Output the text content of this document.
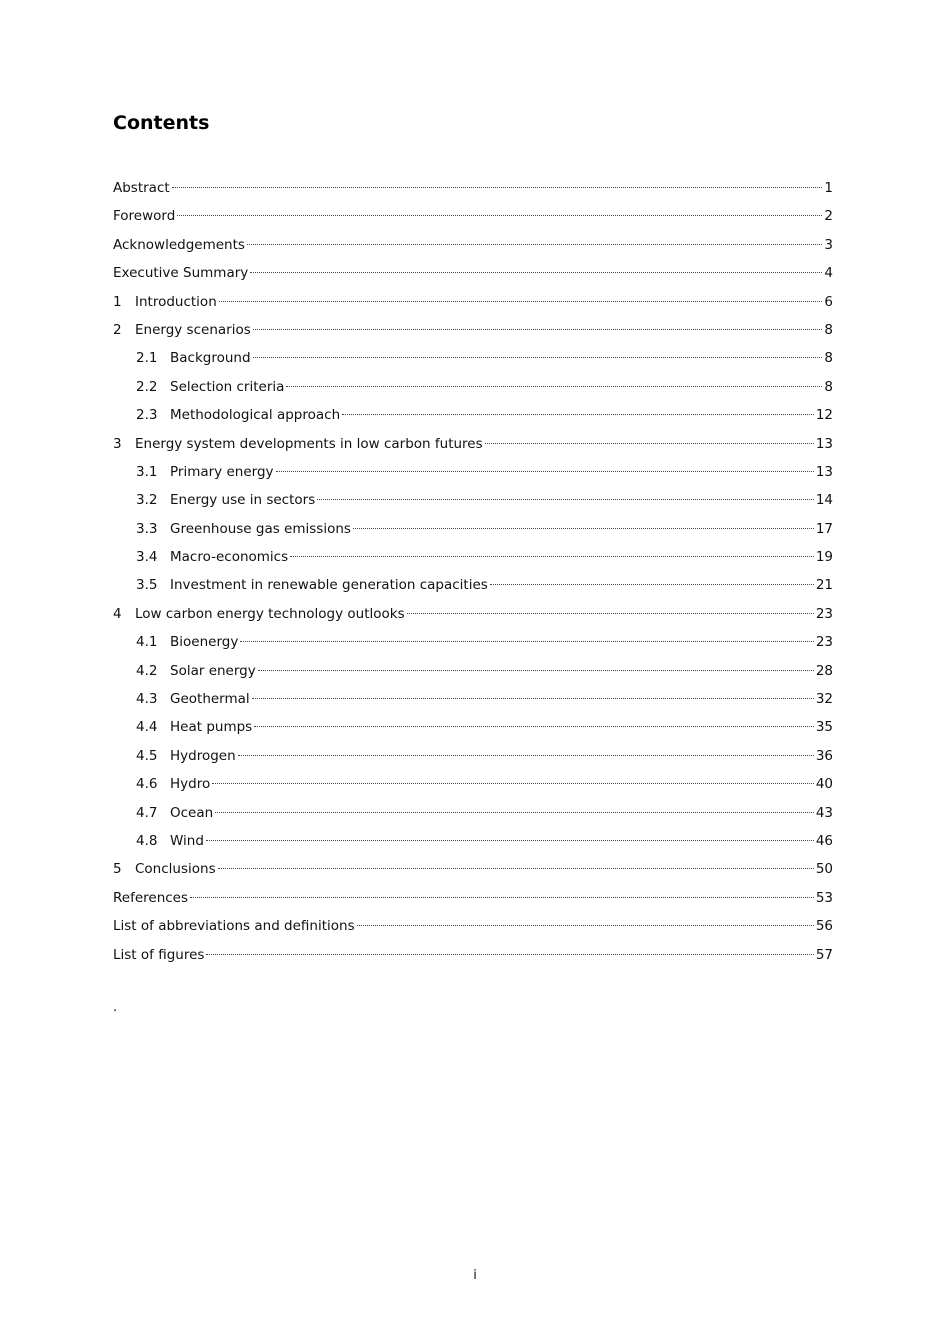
Contents
Abstract	1
Foreword	2
Acknowledgements	3
Executive Summary	4
1 Introduction	6
2 Energy scenarios	8
2.1 Background	8
2.2 Selection criteria	8
2.3 Methodological approach	12
3 Energy system developments in low carbon futures	13
3.1 Primary energy	13
3.2 Energy use in sectors	14
3.3 Greenhouse gas emissions	17
3.4 Macro-economics	19
3.5 Investment in renewable generation capacities	21
4 Low carbon energy technology outlooks	23
4.1 Bioenergy	23
4.2 Solar energy	28
4.3 Geothermal	32
4.4 Heat pumps	35
4.5 Hydrogen	36
4.6 Hydro	40
4.7 Ocean	43
4.8 Wind	46
5 Conclusions	50
References	53
List of abbreviations and definitions	56
List of figures	57
.
i
